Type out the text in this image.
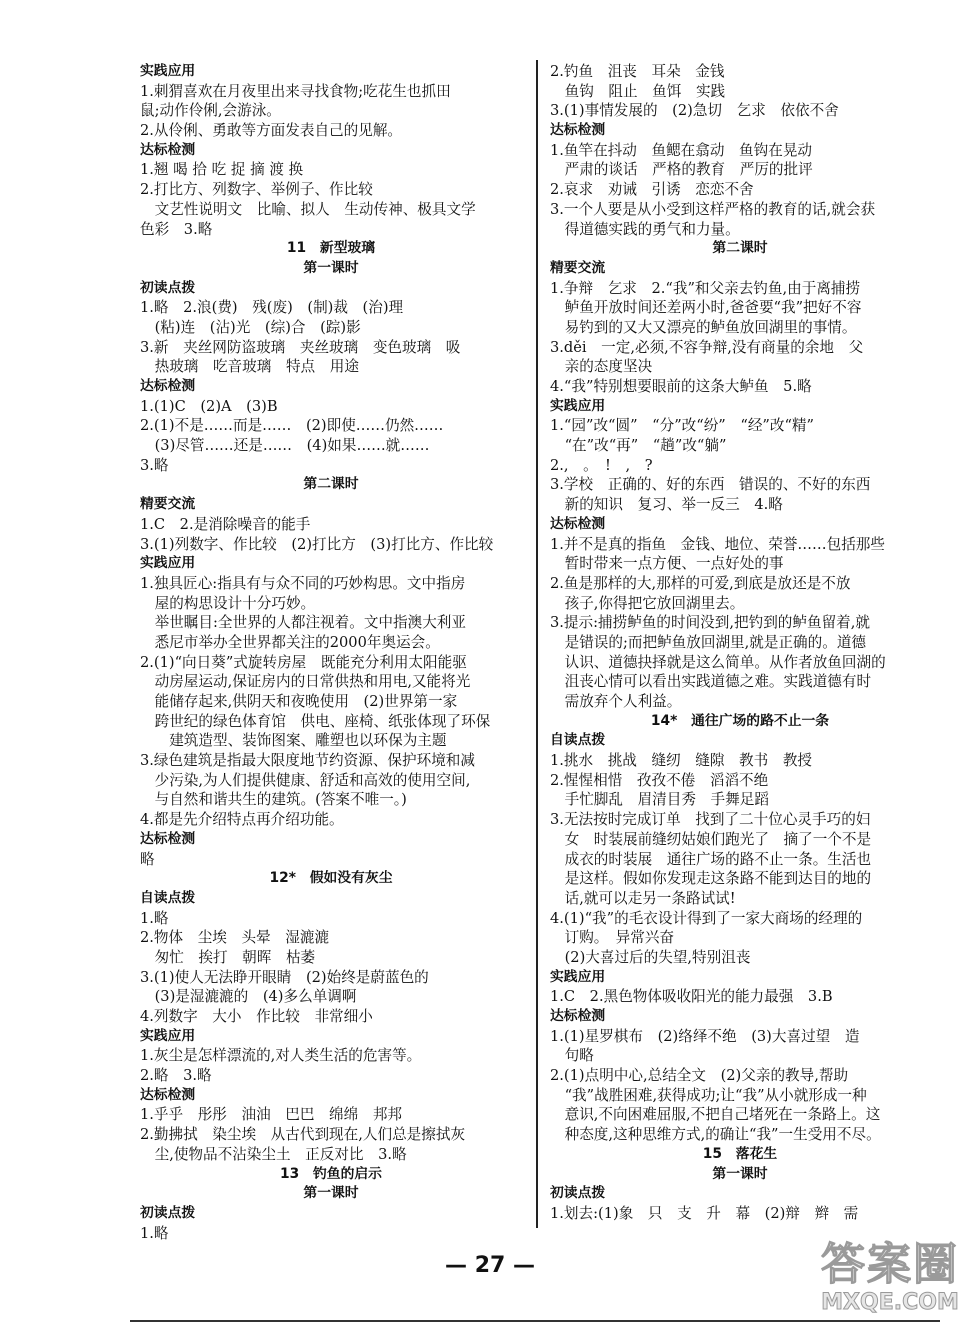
实践应用
1.刺猬喜欢在月夜里出来寻找食物;吃花生也抓田
鼠;动作伶俐,会游泳。
2.从伶俐、勇敢等方面发表自己的见解。
达标检测
1.翘 喝 拾 吃 捉 摘 渡 换
2.打比方、列数字、举例子、作比较
　文艺性说明文　比喻、拟人　生动传神、极具文学
色彩　3.略
11　新型玻璃
第一课时
初读点拨
1.略　2.浪(费)　残(废)　(制)裁　(治)理
　(粘)连　(沾)光　(综)合　(踪)影
3.新　夹丝网防盗玻璃　夹丝玻璃　变色玻璃　吸
　热玻璃　吃音玻璃　特点　用途
达标检测
1.(1)C　(2)A　(3)B
2.(1)不是……而是……　(2)即使……仍然……
　(3)尽管……还是……　(4)如果……就……
3.略
第二课时
精要交流
1.C　2.是消除噪音的能手
3.(1)列数字、作比较　(2)打比方　(3)打比方、作比较
实践应用
1.独具匠心:指具有与众不同的巧妙构思。文中指房
　屋的构思设计十分巧妙。
　举世瞩目:全世界的人都注视着。文中指澳大利亚
　悉尼市举办全世界都关注的2000年奥运会。
2.(1)“向日葵”式旋转房屋　既能充分利用太阳能驱
　动房屋运动,保证房内的日常供热和用电,又能将光
　能储存起来,供阴天和夜晚使用　(2)世界第一家
　跨世纪的绿色体育馆　供电、座椅、纸张体现了环保
　　建筑造型、装饰图案、雕塑也以环保为主题
3.绿色建筑是指最大限度地节约资源、保护环境和减
　少污染,为人们提供健康、舒适和高效的使用空间,
　与自然和谐共生的建筑。(答案不唯一。)
4.都是先介绍特点再介绍功能。
达标检测
略
12*　假如没有灰尘
自读点拨
1.略
2.物体　尘埃　头晕　湿漉漉
　匆忙　挨打　朝晖　枯萎
3.(1)使人无法睁开眼睛　(2)始终是蔚蓝色的
　(3)是湿漉漉的　(4)多么单调啊
4.列数字　大小　作比较　非常细小
实践应用
1.灰尘是怎样漂流的,对人类生活的危害等。
2.略　3.略
达标检测
1.乎乎　彤彤　油油　巴巴　绵绵　邦邦
2.勤拂拭　染尘埃　从古代到现在,人们总是擦拭灰
　尘,使物品不沾染尘土　正反对比　3.略
13　钓鱼的启示
第一课时
初读点拨
1.略
2.钓鱼　沮丧　耳朵　金钱
　鱼钩　阻止　鱼饵　实践
3.(1)事情发展的　(2)急切　乞求　依依不舍
达标检测
1.鱼竿在抖动　鱼鳃在翕动　鱼钩在晃动
　严肃的谈话　严格的教育　严厉的批评
2.哀求　劝诫　引诱　恋恋不舍
3.一个人要是从小受到这样严格的教育的话,就会获
　得道德实践的勇气和力量。
第二课时
精要交流
1.争辩　乞求　2.“我”和父亲去钓鱼,由于离捕捞
　鲈鱼开放时间还差两小时,爸爸要“我”把好不容
　易钓到的又大又漂亮的鲈鱼放回湖里的事情。
3.děi　一定,必须,不容争辩,没有商量的余地　父
　亲的态度坚决
4.“我”特别想要眼前的这条大鲈鱼　5.略
实践应用
1.“园”改“圆”　“分”改“纷”　“经”改“精”
　“在”改“再”　“趟”改“躺”
2.,　。　!　,　?
3.学校　正确的、好的东西　错误的、不好的东西
　新的知识　复习、举一反三　4.略
达标检测
1.并不是真的指鱼　金钱、地位、荣誉……包括那些
　暂时带来一点方便、一点好处的事
2.鱼是那样的大,那样的可爱,到底是放还是不放
　孩子,你得把它放回湖里去。
3.提示:捕捞鲈鱼的时间没到,把钓到的鲈鱼留着,就
　是错误的;而把鲈鱼放回湖里,就是正确的。道德
　认识、道德抉择就是这么简单。从作者放鱼回湖的
　沮丧心情可以看出实践道德之难。实践道德有时
　需放弃个人利益。
14*　通往广场的路不止一条
自读点拨
1.挑水　挑战　缝纫　缝隙　教书　教授
2.惺惺相惜　孜孜不倦　滔滔不绝
　手忙脚乱　眉清目秀　手舞足蹈
3.无法按时完成订单　找到了二十位心灵手巧的妇
　女　时装展前缝纫姑娘们跑光了　摘了一个不是
　成衣的时装展　通往广场的路不止一条。生活也
　是这样。假如你发现走这条路不能到达目的地的
　话,就可以走另一条路试试!
4.(1)“我”的毛衣设计得到了一家大商场的经理的
　订购。　异常兴奋
　(2)大喜过后的失望,特别沮丧
实践应用
1.C　2.黑色物体吸收阳光的能力最强　3.B
达标检测
1.(1)星罗棋布　(2)络绎不绝　(3)大喜过望　造
　句略
2.(1)点明中心,总结全文　(2)父亲的教导,帮助
　“我”战胜困难,获得成功;让“我”从小就形成一种
　意识,不向困难屈服,不把自己堵死在一条路上。这
　种态度,这种思维方式,的确让“我”一生受用不尽。
15　落花生
第一课时
初读点拨
1.划去:(1)象　只　支　升　幕　(2)辩　辫　需
— 27 —	答案圈
MXQE.COM
